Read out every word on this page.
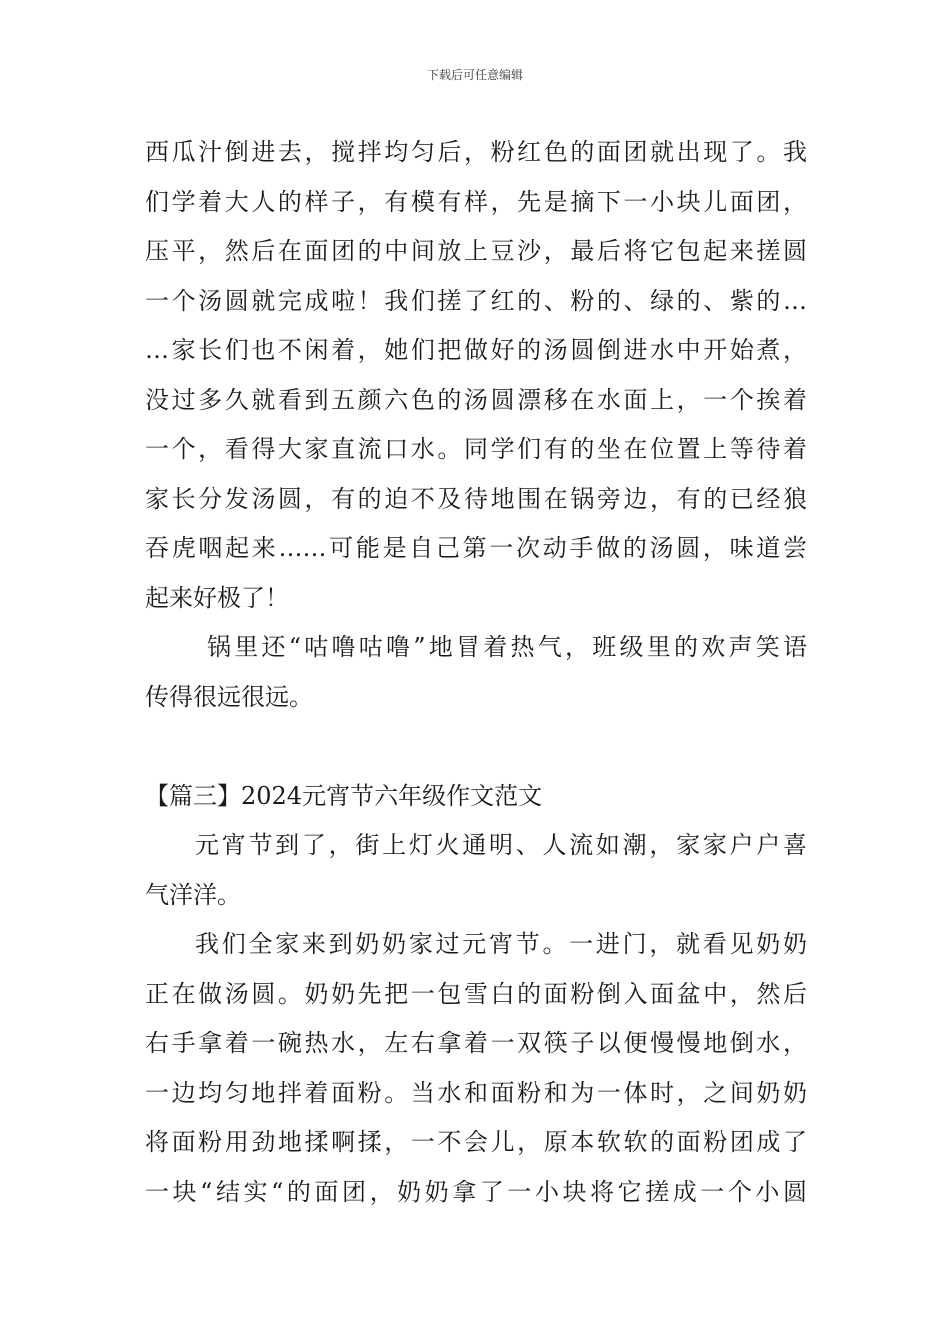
下载后可任意编辑
西瓜汁倒进去，搅拌均匀后，粉红色的面团就出现了。我
们学着大人的样子，有模有样，先是摘下一小块儿面团，
压平，然后在面团的中间放上豆沙，最后将它包起来搓圆
一个汤圆就完成啦！我们搓了红的、粉的、绿的、紫的…
…家长们也不闲着，她们把做好的汤圆倒进水中开始煮，
没过多久就看到五颜六色的汤圆漂移在水面上，一个挨着
一个，看得大家直流口水。同学们有的坐在位置上等待着
家长分发汤圆，有的迫不及待地围在锅旁边，有的已经狼
吞虎咽起来……可能是自己第一次动手做的汤圆，味道尝
起来好极了！
锅里还“咕噜咕噜”地冒着热气，班级里的欢声笑语
传得很远很远。
【篇三】2024元宵节六年级作文范文
元宵节到了，街上灯火通明、人流如潮，家家户户喜
气洋洋。
我们全家来到奶奶家过元宵节。一进门，就看见奶奶
正在做汤圆。奶奶先把一包雪白的面粉倒入面盆中，然后
右手拿着一碗热水，左右拿着一双筷子以便慢慢地倒水，
一边均匀地拌着面粉。当水和面粉和为一体时，之间奶奶
将面粉用劲地揉啊揉，一不会儿，原本软软的面粉团成了
一块“结实“的面团，奶奶拿了一小块将它搓成一个小圆
